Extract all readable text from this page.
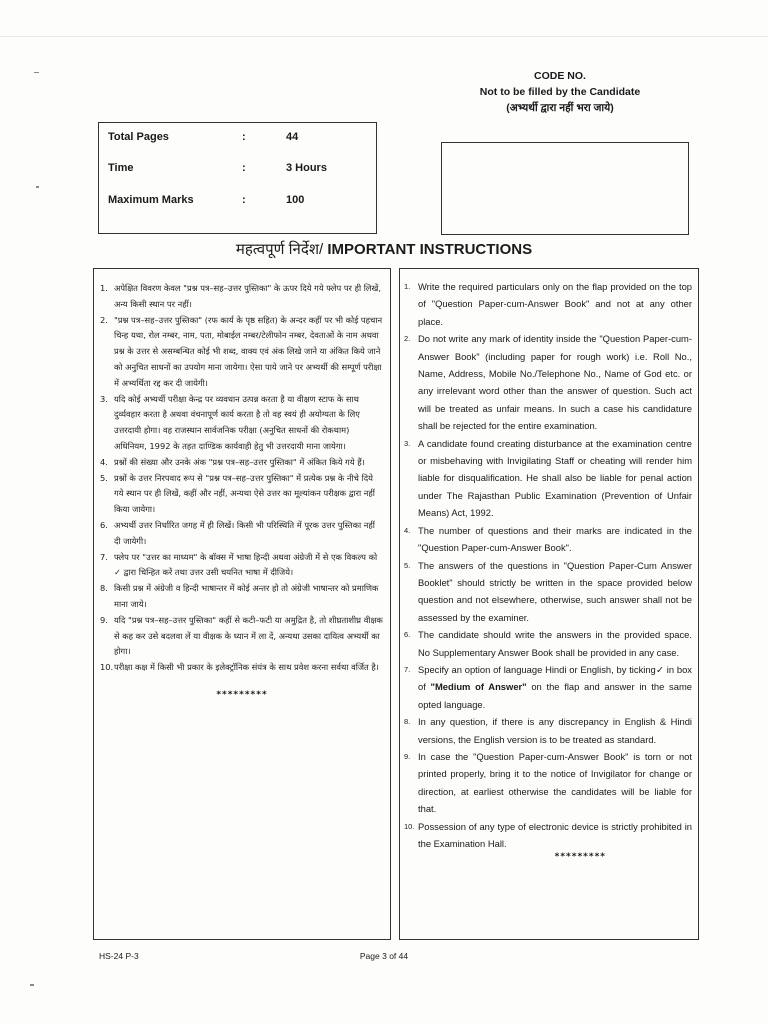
CODE NO.
Not to be filled by the Candidate
(अभ्यर्थी द्वारा नहीं भरा जाये)
Total Pages	:	44
Time	:	3 Hours
Maximum Marks	:	100
महत्वपूर्ण निर्देश/ IMPORTANT INSTRUCTIONS
1. अपेक्षित विवरण केवल "प्रश्न पत्र–सह–उत्तर पुस्तिका" के ऊपर दिये गये फ्लेप पर ही लिखें, अन्य किसी स्थान पर नहीं।
2. "प्रश्न पत्र–सह–उत्तर पुस्तिका" (रफ कार्य के पृष्ठ सहित) के अन्दर कहीं पर भी कोई पहचान चिन्ह यथा, रोल नम्बर, नाम, पता, मोबाईल नम्बर/टेलीफोन नम्बर, देवताओं के नाम अथवा प्रश्न के उत्तर से असम्बन्धित कोई भी शब्द, वाक्य एवं अंक लिखे जाने या अंकित किये जाने को अनुचित साधनों का उपयोग माना जायेगा। ऐसा पाये जाने पर अभ्यर्थी की सम्पूर्ण परीक्षा में अभ्यर्थिता रद्द कर दी जायेगी।
3. यदि कोई अभ्यर्थी परीक्षा केन्द्र पर व्यवधान उत्पन्न करता है या वीक्षण स्टाफ के साथ दुर्व्यवहार करता है अथवा वंचनापूर्ण कार्य करता है तो वह स्वयं ही अयोग्यता के लिए उत्तरदायी होगा। वह राजस्थान सार्वजनिक परीक्षा (अनुचित साधनों की रोकथाम) अधिनियम, 1992 के तहत दाण्डिक कार्यवाही हेतु भी उत्तरदायी माना जायेगा।
4. प्रश्नों की संख्या और उनके अंक "प्रश्न पत्र–सह–उत्तर पुस्तिका" में अंकित किये गये हैं।
5. प्रश्नों के उत्तर निरपवाद रूप से "प्रश्न पत्र–सह–उत्तर पुस्तिका" में प्रत्येक प्रश्न के नीचे दिये गये स्थान पर ही लिखें, कहीं और नहीं, अन्यथा ऐसे उत्तर का मूल्यांकन परीक्षक द्वारा नहीं किया जायेगा।
6. अभ्यर्थी उत्तर निर्धारित जगह में ही लिखें। किसी भी परिस्थिति में पूरक उत्तर पुस्तिका नहीं दी जायेगी।
7. फ्लेप पर "उत्तर का माध्यम" के बॉक्स में भाषा हिन्दी अथवा अंग्रेजी में से एक विकल्प को ✓ द्वारा चिन्हित करें तथा उत्तर उसी चयनित भाषा में दीजिये।
8. किसी प्रश्न में अंग्रेजी व हिन्दी भाषान्तर में कोई अन्तर हो तो अंग्रेजी भाषान्तर को प्रमाणिक माना जाये।
9. यदि "प्रश्न पत्र–सह–उत्तर पुस्तिका" कहीं से कटी–फटी या अमुद्रित है, तो शीघ्रताशीघ्र वीक्षक से कह कर उसे बदलवा लें या वीक्षक के ध्यान में ला दें, अन्यथा उसका दायित्व अभ्यर्थी का होगा।
10. परीक्षा कक्ष में किसी भी प्रकार के इलेक्ट्रॉनिक संयंत्र के साथ प्रवेश करना सर्वथा वर्जित है।
*********
1. Write the required particulars only on the flap provided on the top of "Question Paper-cum-Answer Book" and not at any other place.
2. Do not write any mark of identity inside the "Question Paper-cum-Answer Book" (including paper for rough work) i.e. Roll No., Name, Address, Mobile No./Telephone No., Name of God etc. or any irrelevant word other than the answer of question. Such act will be treated as unfair means. In such a case his candidature shall be rejected for the entire examination.
3. A candidate found creating disturbance at the examination centre or misbehaving with Invigilating Staff or cheating will render him liable for disqualification. He shall also be liable for penal action under The Rajasthan Public Examination (Prevention of Unfair Means) Act, 1992.
4. The number of questions and their marks are indicated in the "Question Paper-cum-Answer Book".
5. The answers of the questions in "Question Paper-Cum Answer Booklet" should strictly be written in the space provided below question and not elsewhere, otherwise, such answer shall not be assessed by the examiner.
6. The candidate should write the answers in the provided space. No Supplementary Answer Book shall be provided in any case.
7. Specify an option of language Hindi or English, by ticking✓ in box of "Medium of Answer" on the flap and answer in the same opted language.
8. In any question, if there is any discrepancy in English & Hindi versions, the English version is to be treated as standard.
9. In case the "Question Paper-cum-Answer Book" is torn or not printed properly, bring it to the notice of Invigilator for change or direction, at earliest otherwise the candidates will be liable for that.
10. Possession of any type of electronic device is strictly prohibited in the Examination Hall.
*********
HS-24 P-3	Page 3 of 44
